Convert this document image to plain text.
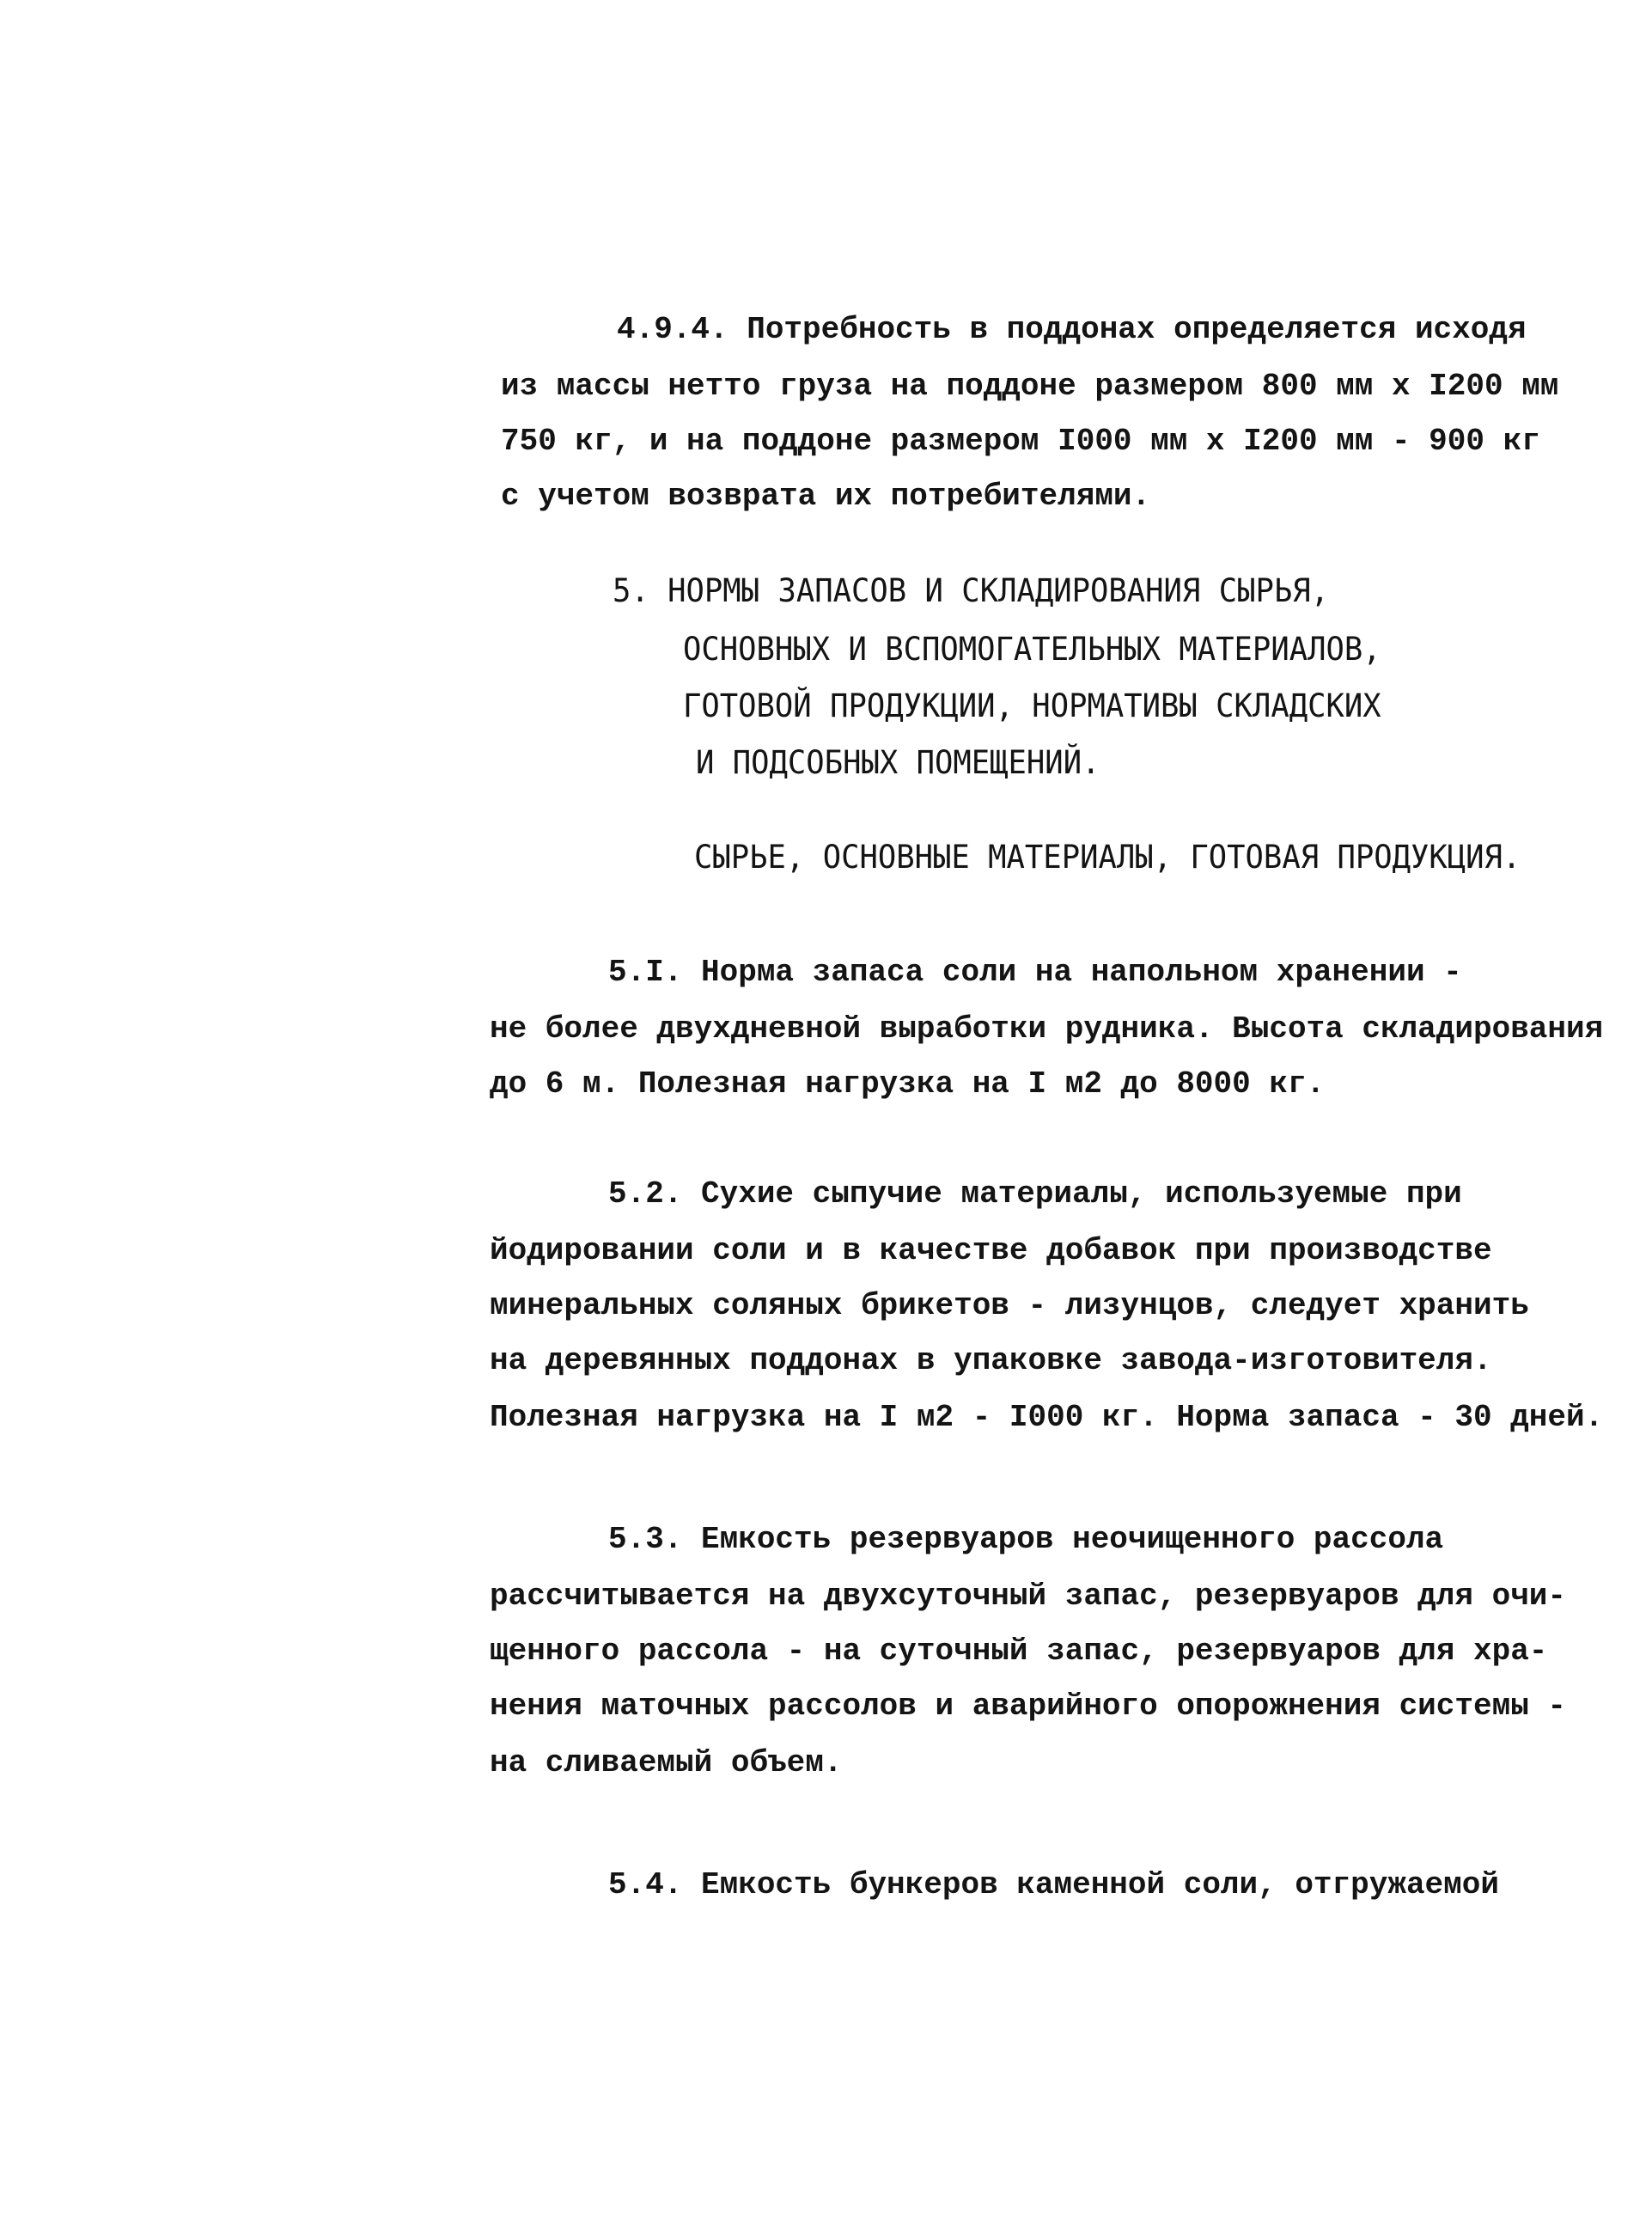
4.9.4. Потребность в поддонах определяется исходя
из массы нетто груза на поддоне размером 800 мм х I200 мм
750 кг, и на поддоне размером I000 мм х I200 мм - 900 кг
с учетом возврата их потребителями.
5. НОРМЫ ЗАПАСОВ И СКЛАДИРОВАНИЯ СЫРЬЯ,
ОСНОВНЫХ И ВСПОМОГАТЕЛЬНЫХ МАТЕРИАЛОВ,
ГОТОВОЙ ПРОДУКЦИИ, НОРМАТИВЫ СКЛАДСКИХ
И ПОДСОБНЫХ ПОМЕЩЕНИЙ.
СЫРЬЕ, ОСНОВНЫЕ МАТЕРИАЛЫ, ГОТОВАЯ ПРОДУКЦИЯ.
5.I. Норма запаса соли на напольном хранении -
не более двухдневной выработки рудника. Высота складирования
до 6 м. Полезная нагрузка на I м2 до 8000 кг.
5.2. Сухие сыпучие материалы, используемые при
йодировании соли и в качестве добавок при производстве
минеральных соляных брикетов - лизунцов, следует хранить
на деревянных поддонах в упаковке завода-изготовителя.
Полезная нагрузка на I м2 - I000 кг. Норма запаса - 30 дней.
5.3. Емкость резервуаров неочищенного рассола
рассчитывается на двухсуточный запас, резервуаров для очи-
щенного рассола - на суточный запас, резервуаров для хра-
нения маточных рассолов и аварийного опорожнения системы -
на сливаемый объем.
5.4. Емкость бункеров каменной соли, отгружаемой
